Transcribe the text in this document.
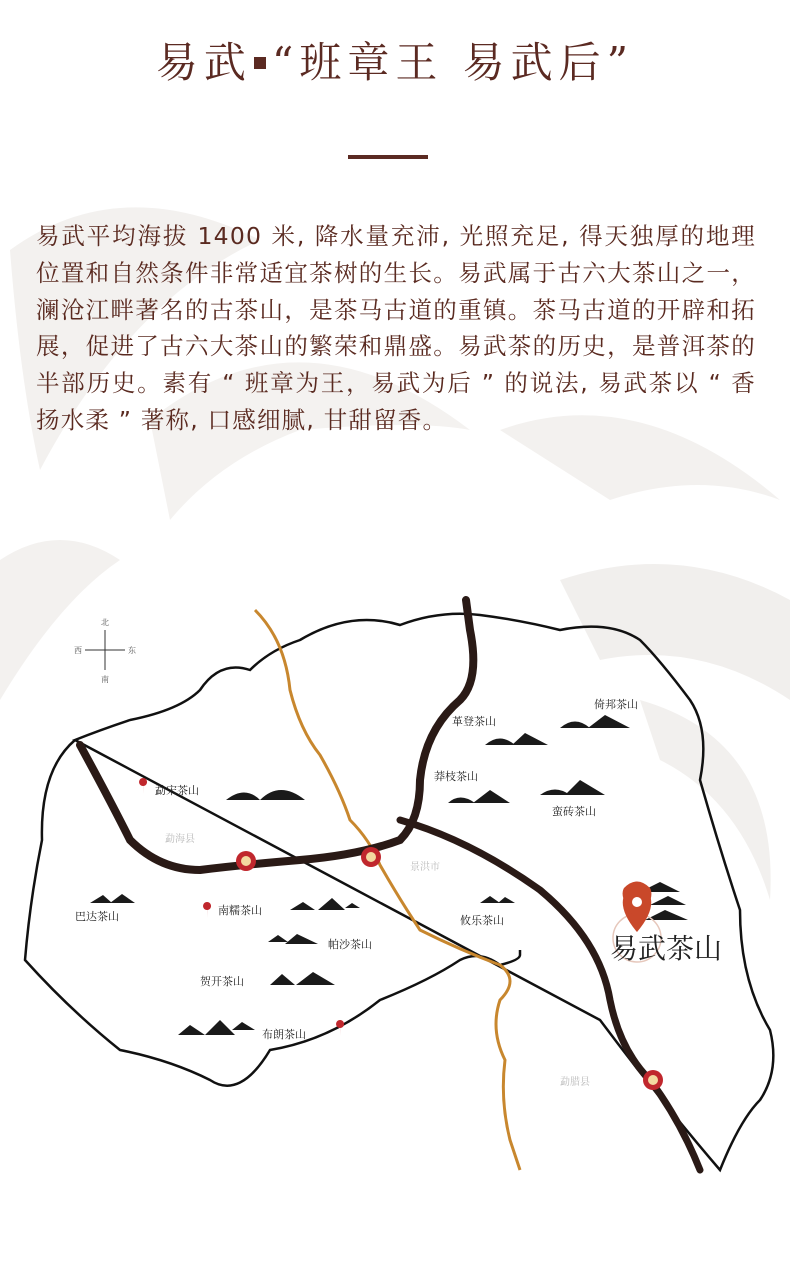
易武 “班章王 易武后”
易武平均海拔 1400 米, 降水量充沛, 光照充足, 得天独厚的地理位置和自然条件非常适宜茶树的生长。易武属于古六大茶山之一，澜沧江畔著名的古茶山，是茶马古道的重镇。茶马古道的开辟和拓展，促进了古六大茶山的繁荣和鼎盛。易武茶的历史，是普洱茶的半部历史。素有 “ 班章为王，易武为后 ” 的说法, 易武茶以 “ 香扬水柔 ” 著称, 口感细腻, 甘甜留香。
北
南
西	东
勐海县
景洪市
勐腊县
勐宋茶山
巴达茶山	南糯茶山
帕沙茶山
贺开茶山
布朗茶山
攸乐茶山
革登茶山
倚邦茶山
莽枝茶山
蛮砖茶山
易武茶山
